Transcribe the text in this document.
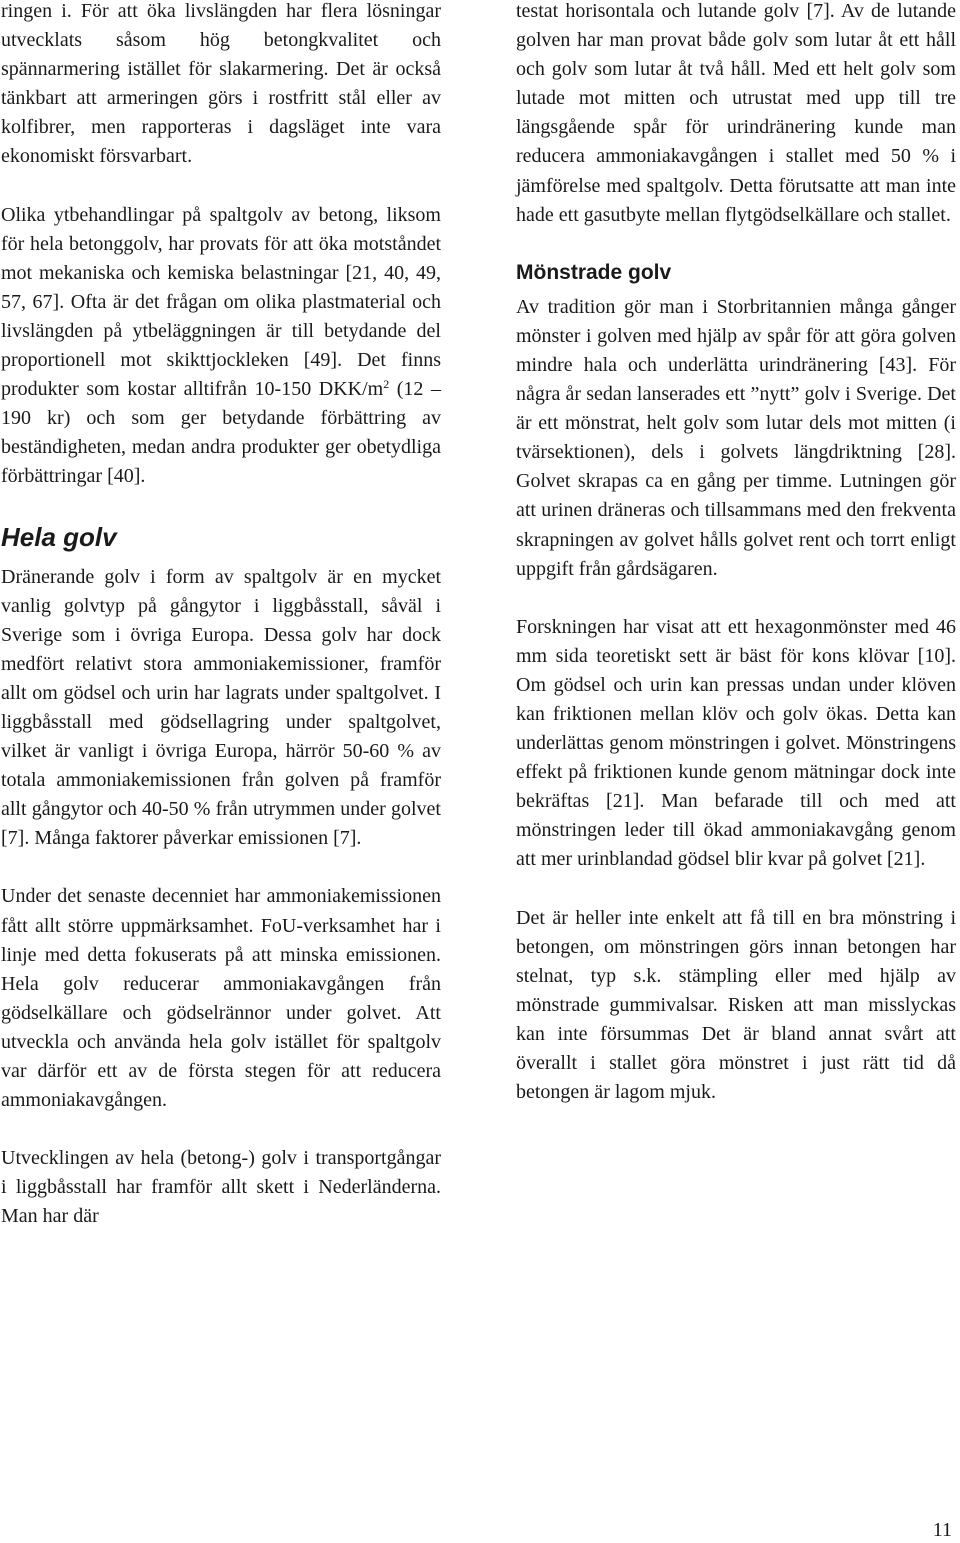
ringen i. För att öka livslängden har flera lösningar utvecklats såsom hög betongkvalitet och spännarmering istället för slakarmering. Det är också tänkbart att armeringen görs i rostfritt stål eller av kolfibrer, men rapporteras i dagsläget inte vara ekonomiskt försvarbart.

Olika ytbehandlingar på spaltgolv av betong, liksom för hela betonggolv, har provats för att öka motståndet mot mekaniska och kemiska belastningar [21, 40, 49, 57, 67]. Ofta är det frågan om olika plastmaterial och livslängden på ytbeläggningen är till betydande del proportionell mot skikttjockleken [49]. Det finns produkter som kostar alltifrån 10-150 DKK/$m^2$ (12 – 190 kr) och som ger betydande förbättring av beständigheten, medan andra produkter ger obetydliga förbättringar [40].

Hela golv

Dränerande golv i form av spaltgolv är en mycket vanlig golvtyp på gångytor i liggbåsstall, såväl i Sverige som i övriga Europa. Dessa golv har dock medfört relativt stora ammoniakemissioner, framför allt om gödsel och urin har lagrats under spaltgolvet. I liggbåsstall med gödsellagring under spaltgolvet, vilket är vanligt i övriga Europa, härrör 50-60 % av totala ammoniakemissionen från golven på framför allt gångytor och 40-50 % från utrymmen under golvet [7]. Många faktorer påverkar emissionen [7].

Under det senaste decenniet har ammoniakemissionen fått allt större uppmärksamhet. FoU-verksamhet har i linje med detta fokuserats på att minska emissionen. Hela golv reducerar ammoniakavgången från gödselkällare och gödselrännor under golvet. Att utveckla och använda hela golv istället för spaltgolv var därför ett av de första stegen för att reducera ammoniakavgången.

Utvecklingen av hela (betong-) golv i transportgångar i liggbåsstall har framför allt skett i Nederländerna. Man har där

testat horisontala och lutande golv [7]. Av de lutande golven har man provat både golv som lutar åt ett håll och golv som lutar åt två håll. Med ett helt golv som lutade mot mitten och utrustat med upp till tre längsgående spår för urindränering kunde man reducera ammoniakavgången i stallet med 50 % i jämförelse med spaltgolv. Detta förutsatte att man inte hade ett gasutbyte mellan flytgödselkällare och stallet.

Mönstrade golv

Av tradition gör man i Storbritannien många gånger mönster i golven med hjälp av spår för att göra golven mindre hala och underlätta urindränering [43]. För några år sedan lanserades ett ”nytt” golv i Sverige. Det är ett mönstrat, helt golv som lutar dels mot mitten (i tvärsektionen), dels i golvets längdriktning [28]. Golvet skrapas ca en gång per timme. Lutningen gör att urinen dräneras och tillsammans med den frekventa skrapningen av golvet hålls golvet rent och torrt enligt uppgift från gårdsägaren.

Forskningen har visat att ett hexagonmönster med 46 mm sida teoretiskt sett är bäst för kons klövar [10]. Om gödsel och urin kan pressas undan under klöven kan friktionen mellan klöv och golv ökas. Detta kan underlättas genom mönstringen i golvet. Mönstringens effekt på friktionen kunde genom mätningar dock inte bekräftas [21]. Man befarade till och med att mönstringen leder till ökad ammoniakavgång genom att mer urinblandad gödsel blir kvar på golvet [21].

Det är heller inte enkelt att få till en bra mönstring i betongen, om mönstringen görs innan betongen har stelnat, typ s.k. stämpling eller med hjälp av mönstrade gummivalsar. Risken att man misslyckas kan inte försummas Det är bland annat svårt att överallt i stallet göra mönstret i just rätt tid då betongen är lagom mjuk.

11
